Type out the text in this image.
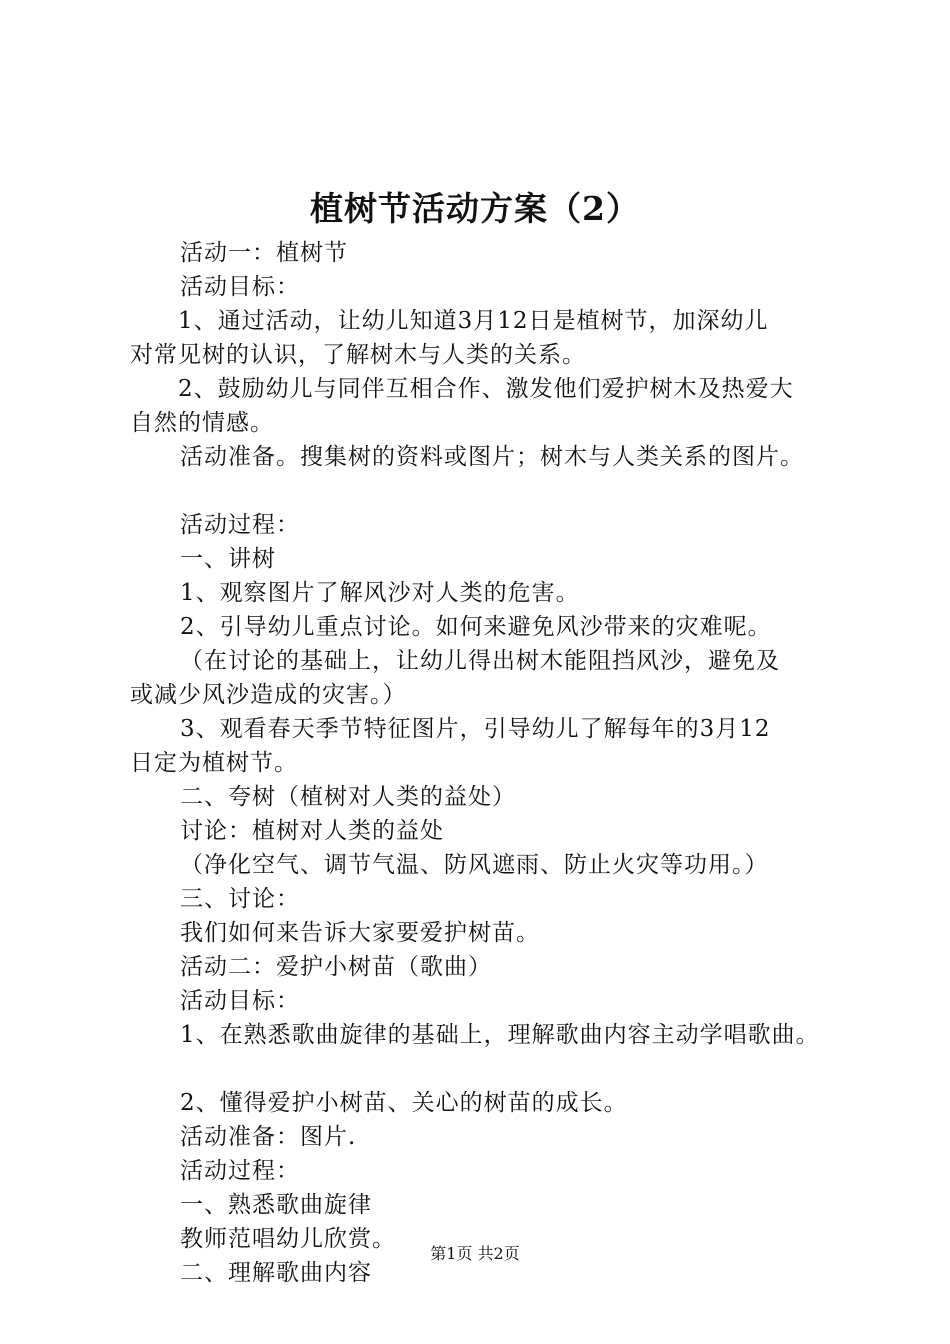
植树节活动方案（2）
活动一：植树节
活动目标：
1、通过活动，让幼儿知道3月12日是植树节，加深幼儿
对常见树的认识，了解树木与人类的关系。
2、鼓励幼儿与同伴互相合作、激发他们爱护树木及热爱大
自然的情感。
活动准备。搜集树的资料或图片；树木与人类关系的图片。
活动过程：
一、讲树
1、观察图片了解风沙对人类的危害。
2、引导幼儿重点讨论。如何来避免风沙带来的灾难呢。
（在讨论的基础上，让幼儿得出树木能阻挡风沙，避免及
或减少风沙造成的灾害。）
3、观看春天季节特征图片，引导幼儿了解每年的3月12
日定为植树节。
二、夸树（植树对人类的益处）
讨论：植树对人类的益处
（净化空气、调节气温、防风遮雨、防止火灾等功用。）
三、讨论：
我们如何来告诉大家要爱护树苗。
活动二：爱护小树苗（歌曲）
活动目标：
1、在熟悉歌曲旋律的基础上，理解歌曲内容主动学唱歌曲。
2、懂得爱护小树苗、关心的树苗的成长。
活动准备：图片.
活动过程：
一、熟悉歌曲旋律
教师范唱幼儿欣赏。
二、理解歌曲内容
第1页 共2页
